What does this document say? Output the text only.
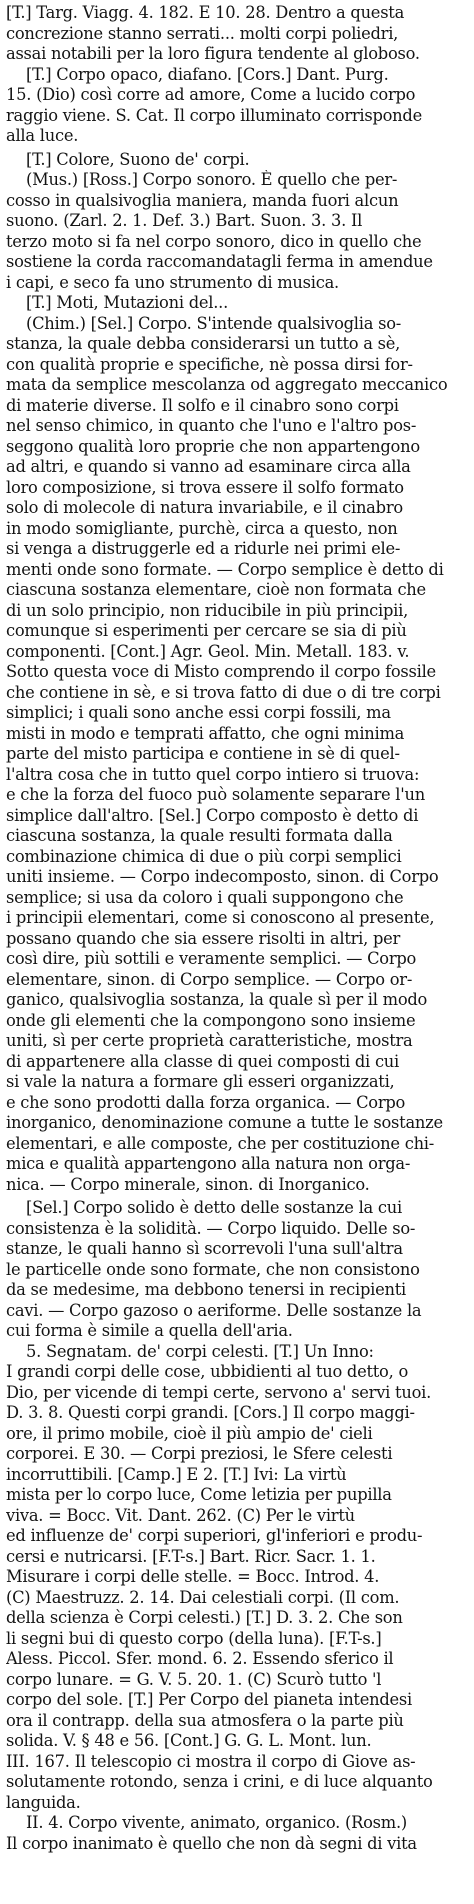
[T.] Targ. Viagg. 4. 182. E 10. 28. Dentro a questa
concrezione stanno serrati... molti corpi poliedri,
assai notabili per la loro figura tendente al globoso.
[T.] Corpo opaco, diafano. [Cors.] Dant. Purg.
15. (Dio) così corre ad amore, Come a lucido corpo
raggio viene. S. Cat. Il corpo illuminato corrisponde
alla luce.
[T.] Colore, Suono de' corpi.
(Mus.) [Ross.] Corpo sonoro. È quello che per-
cosso in qualsivoglia maniera, manda fuori alcun
suono. (Zarl. 2. 1. Def. 3.) Bart. Suon. 3. 3. Il
terzo moto si fa nel corpo sonoro, dico in quello che
sostiene la corda raccomandatagli ferma in amendue
i capi, e seco fa uno strumento di musica.
[T.] Moti, Mutazioni del...
(Chim.) [Sel.] Corpo. S'intende qualsivoglia so-
stanza, la quale debba considerarsi un tutto a sè,
con qualità proprie e specifiche, nè possa dirsi for-
mata da semplice mescolanza od aggregato meccanico
di materie diverse. Il solfo e il cinabro sono corpi
nel senso chimico, in quanto che l'uno e l'altro pos-
seggono qualità loro proprie che non appartengono
ad altri, e quando si vanno ad esaminare circa alla
loro composizione, si trova essere il solfo formato
solo di molecole di natura invariabile, e il cinabro
in modo somigliante, purchè, circa a questo, non
si venga a distruggerle ed a ridurle nei primi ele-
menti onde sono formate. — Corpo semplice è detto di
ciascuna sostanza elementare, cioè non formata che
di un solo principio, non riducibile in più principii,
comunque si esperimenti per cercare se sia di più
componenti. [Cont.] Agr. Geol. Min. Metall. 183. v.
Sotto questa voce di Misto comprendo il corpo fossile
che contiene in sè, e si trova fatto di due o di tre corpi
simplici; i quali sono anche essi corpi fossili, ma
misti in modo e temprati affatto, che ogni minima
parte del misto participa e contiene in sè di quel-
l'altra cosa che in tutto quel corpo intiero si truova:
e che la forza del fuoco può solamente separare l'un
simplice dall'altro. [Sel.] Corpo composto è detto di
ciascuna sostanza, la quale resulti formata dalla
combinazione chimica di due o più corpi semplici
uniti insieme. — Corpo indecomposto, sinon. di Corpo
semplice; si usa da coloro i quali suppongono che
i principii elementari, come si conoscono al presente,
possano quando che sia essere risolti in altri, per
così dire, più sottili e veramente semplici. — Corpo
elementare, sinon. di Corpo semplice. — Corpo or-
ganico, qualsivoglia sostanza, la quale sì per il modo
onde gli elementi che la compongono sono insieme
uniti, sì per certe proprietà caratteristiche, mostra
di appartenere alla classe di quei composti di cui
si vale la natura a formare gli esseri organizzati,
e che sono prodotti dalla forza organica. — Corpo
inorganico, denominazione comune a tutte le sostanze
elementari, e alle composte, che per costituzione chi-
mica e qualità appartengono alla natura non orga-
nica. — Corpo minerale, sinon. di Inorganico.
[Sel.] Corpo solido è detto delle sostanze la cui
consistenza è la solidità. — Corpo liquido. Delle so-
stanze, le quali hanno sì scorrevoli l'una sull'altra
le particelle onde sono formate, che non consistono
da se medesime, ma debbono tenersi in recipienti
cavi. — Corpo gazoso o aeriforme. Delle sostanze la
cui forma è simile a quella dell'aria.
5. Segnatam. de' corpi celesti. [T.] Un Inno:
I grandi corpi delle cose, ubbidienti al tuo detto, o
Dio, per vicende di tempi certe, servono a' servi tuoi.
D. 3. 8. Questi corpi grandi. [Cors.] Il corpo maggi-
ore, il primo mobile, cioè il più ampio de' cieli
corporei. E 30. — Corpi preziosi, le Sfere celesti
incorruttibili. [Camp.] E 2. [T.] Ivi: La virtù
mista per lo corpo luce, Come letizia per pupilla
viva. = Bocc. Vit. Dant. 262. (C) Per le virtù
ed influenze de' corpi superiori, gl'inferiori e produ-
cersi e nutricarsi. [F.T-s.] Bart. Ricr. Sacr. 1. 1.
Misurare i corpi delle stelle. = Bocc. Introd. 4.
(C) Maestruzz. 2. 14. Dai celestiali corpi. (Il com.
della scienza è Corpi celesti.) [T.] D. 3. 2. Che son
li segni bui di questo corpo (della luna). [F.T-s.]
Aless. Piccol. Sfer. mond. 6. 2. Essendo sferico il
corpo lunare. = G. V. 5. 20. 1. (C) Scurò tutto 'l
corpo del sole. [T.] Per Corpo del pianeta intendesi
ora il contrapp. della sua atmosfera o la parte più
solida. V. § 48 e 56. [Cont.] G. G. L. Mont. lun.
III. 167. Il telescopio ci mostra il corpo di Giove as-
solutamente rotondo, senza i crini, e di luce alquanto
languida.
II. 4. Corpo vivente, animato, organico. (Rosm.)
Il corpo inanimato è quello che non dà segni di vita
